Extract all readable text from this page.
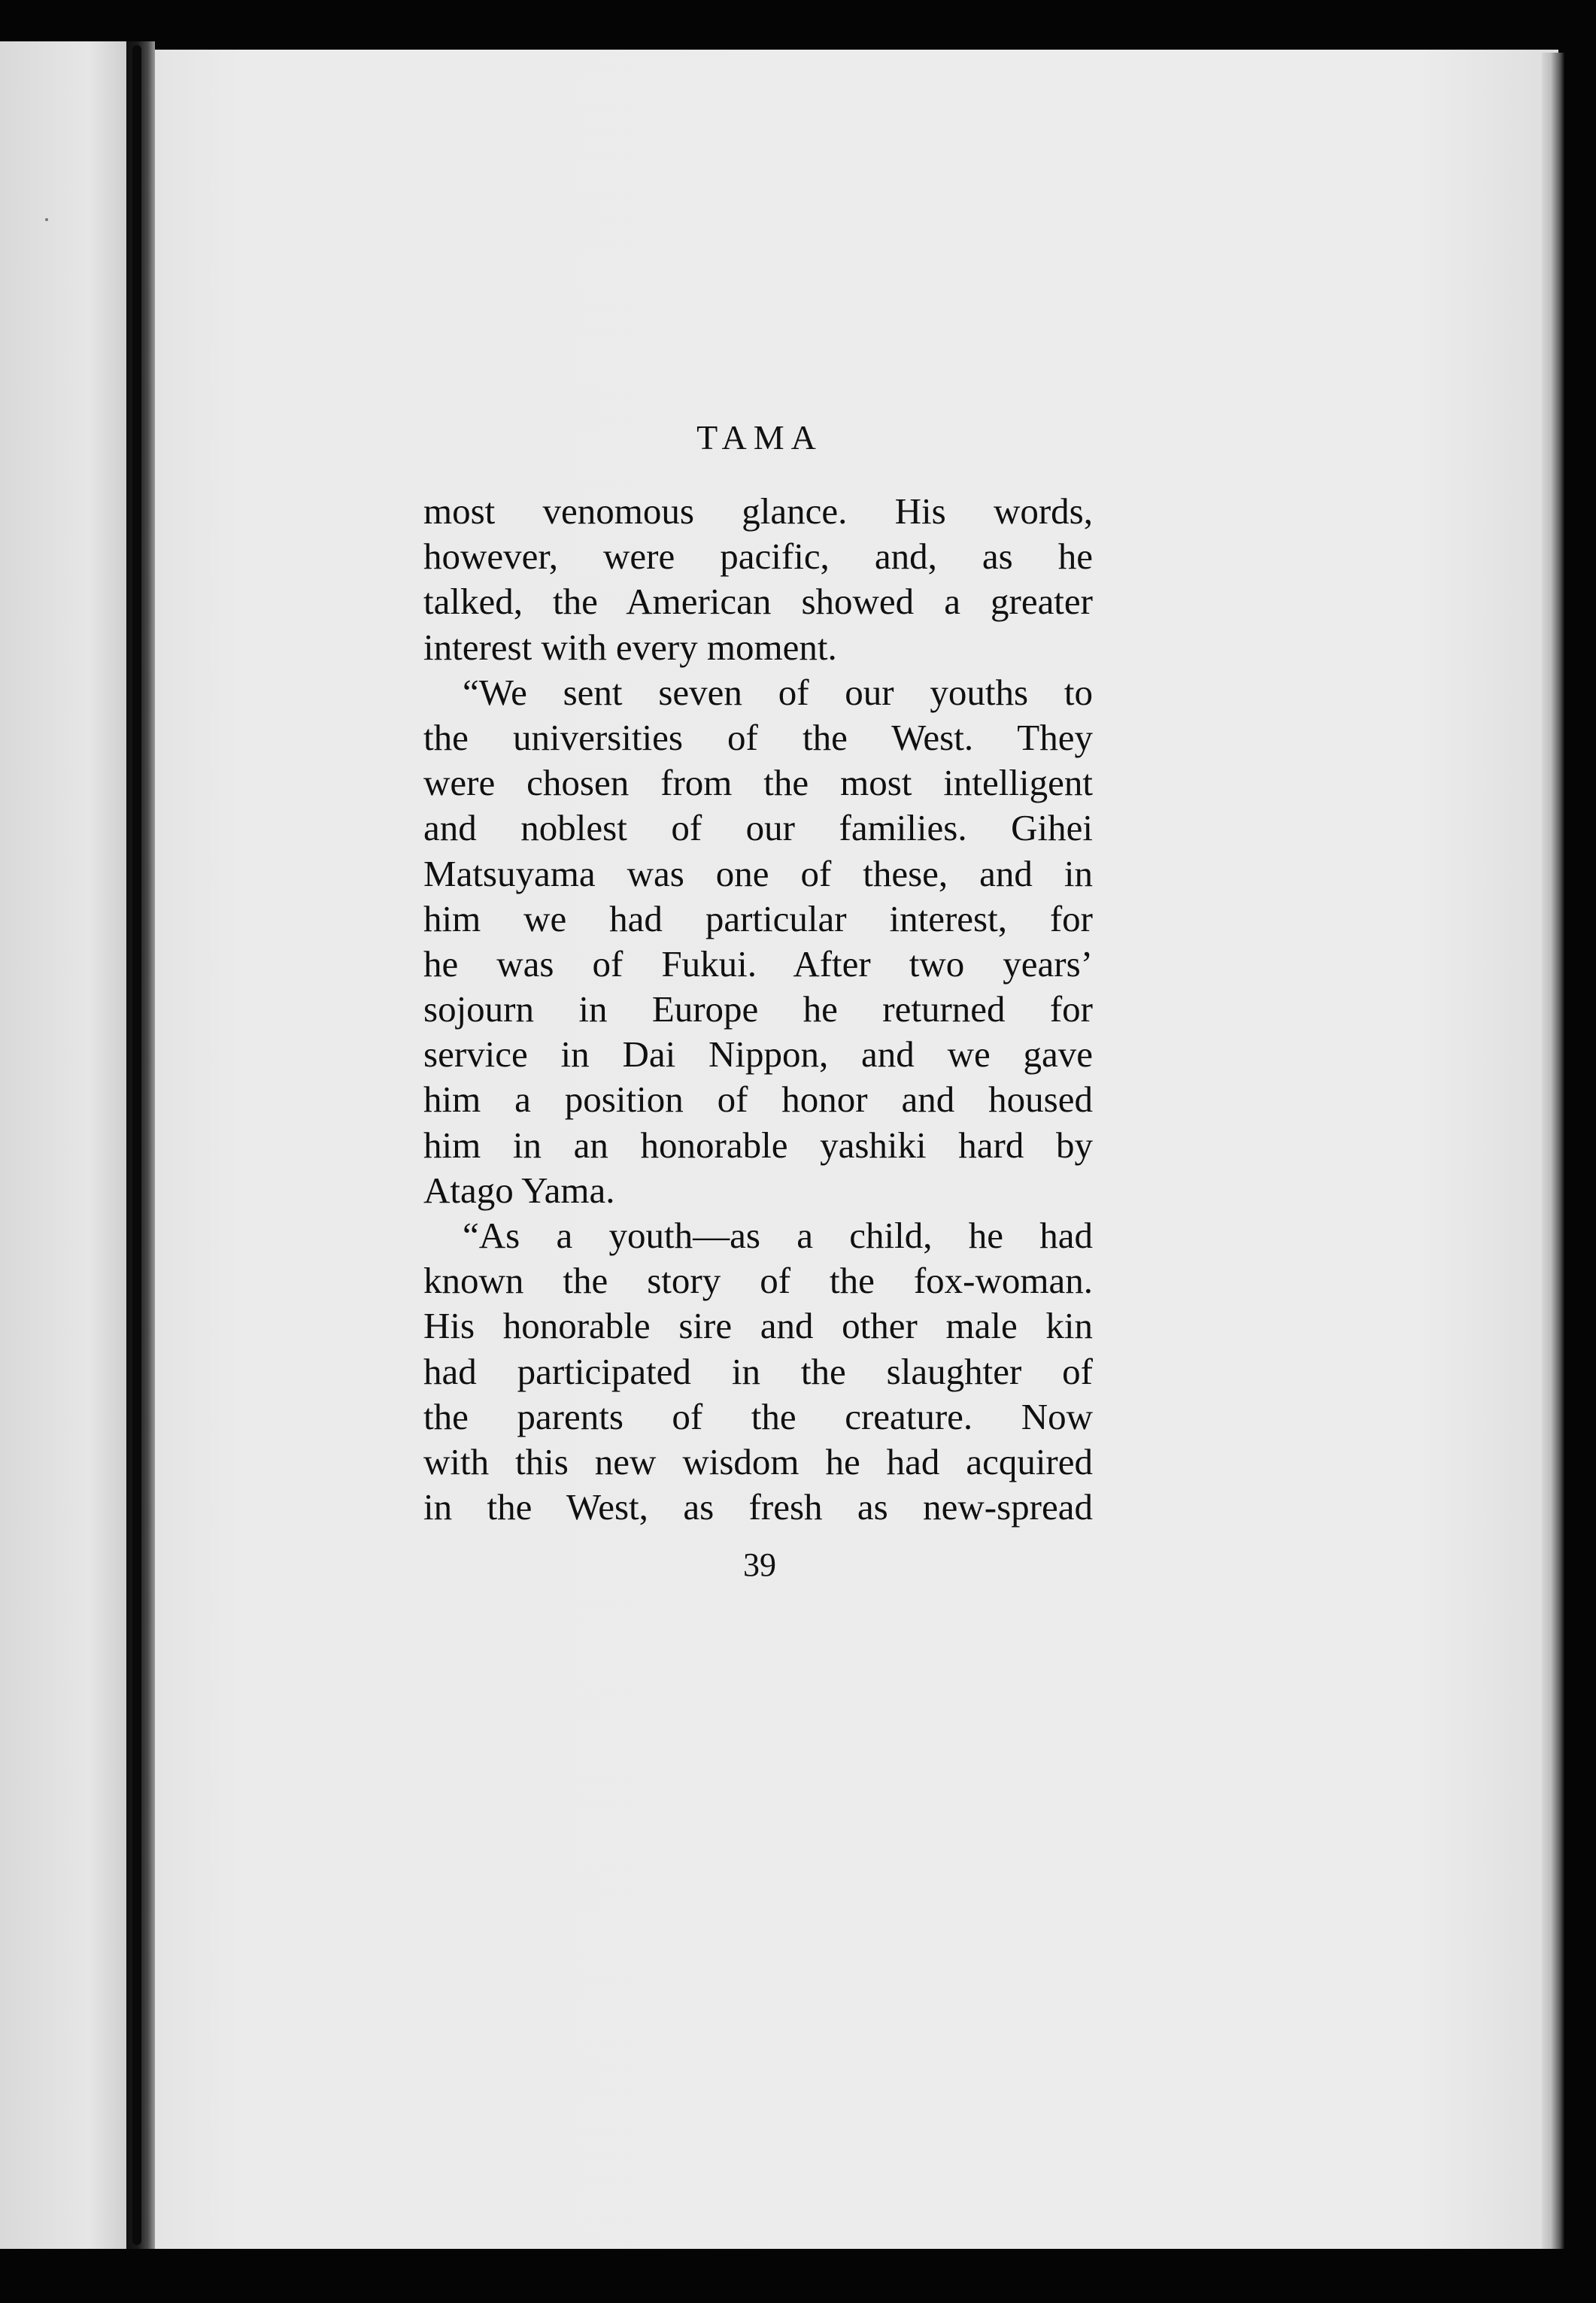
TAMA
most venomous glance. His words,
however, were pacific, and, as he
talked, the American showed a greater
interest with every moment.
“We sent seven of our youths to
the universities of the West. They
were chosen from the most intelligent
and noblest of our families. Gihei
Matsuyama was one of these, and in
him we had particular interest, for
he was of Fukui. After two years’
sojourn in Europe he returned for
service in Dai Nippon, and we gave
him a position of honor and housed
him in an honorable yashiki hard by
Atago Yama.
“As a youth—as a child, he had
known the story of the fox-woman.
His honorable sire and other male kin
had participated in the slaughter of
the parents of the creature. Now
with this new wisdom he had acquired
in the West, as fresh as new-spread
39
